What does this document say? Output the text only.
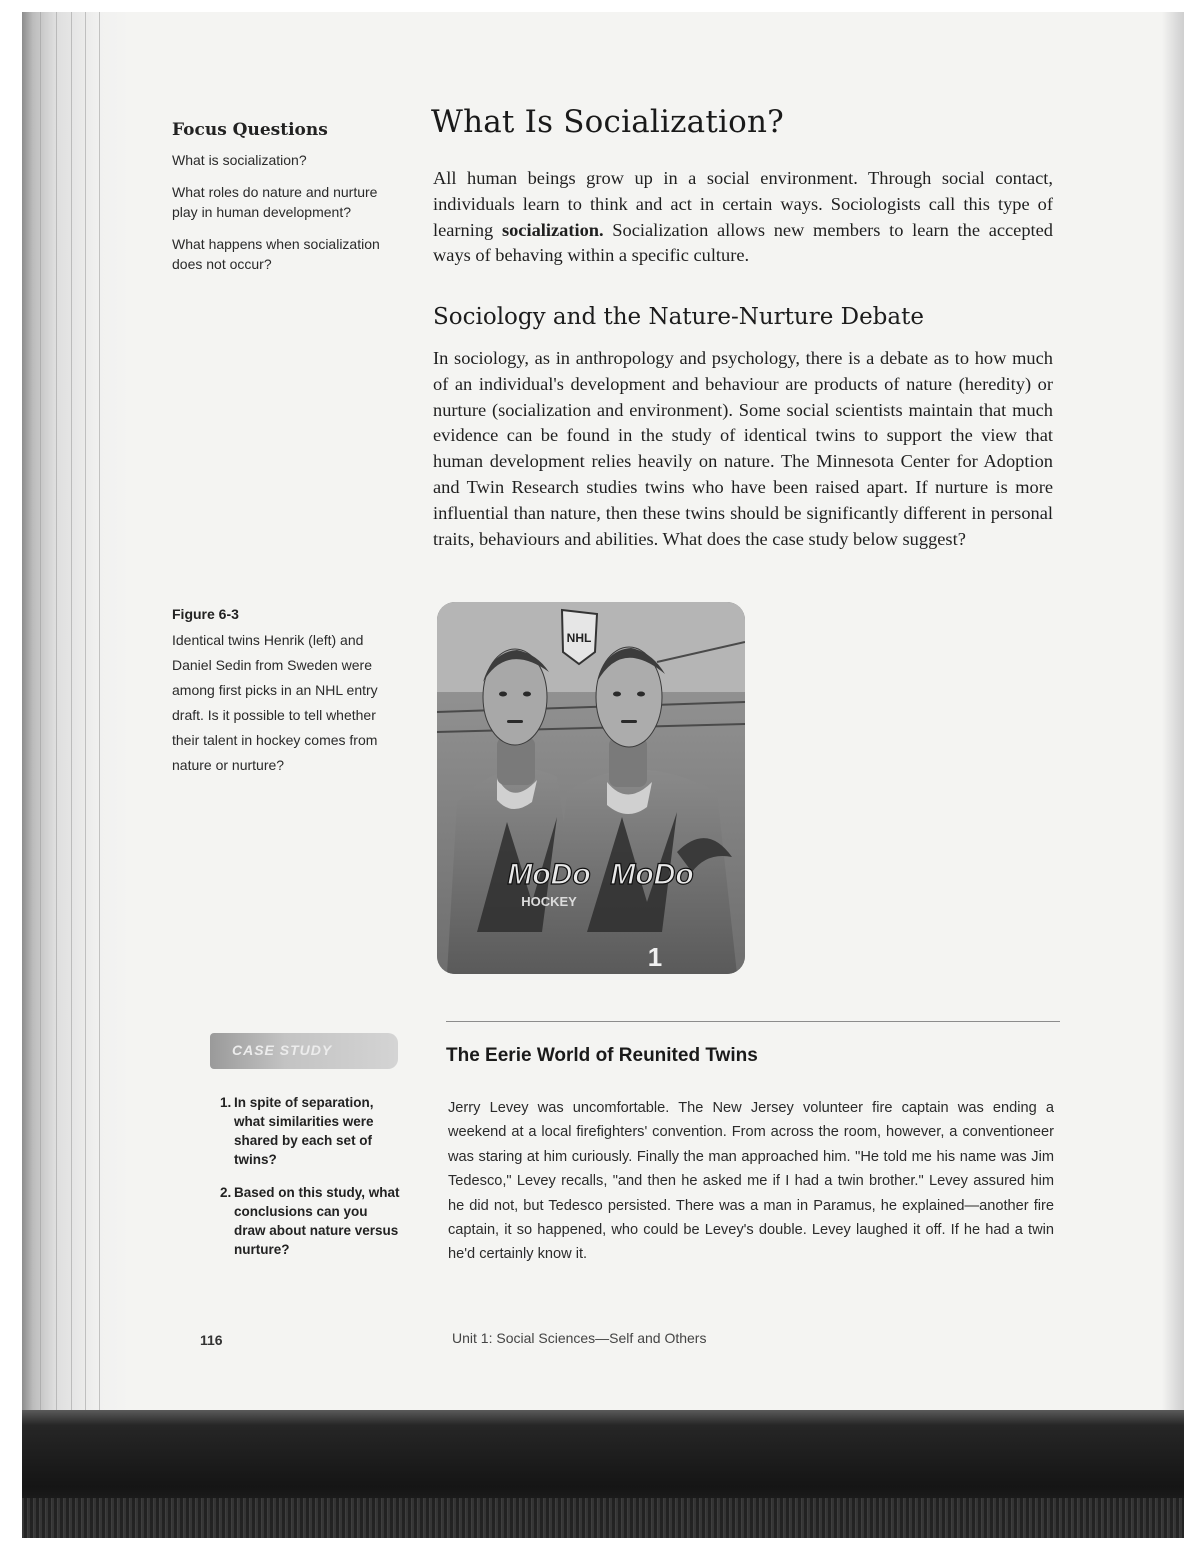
Focus Questions
What is socialization?
What roles do nature and nurture play in human development?
What happens when socialization does not occur?
Figure 6-3
Identical twins Henrik (left) and Daniel Sedin from Sweden were among first picks in an NHL entry draft. Is it possible to tell whether their talent in hockey comes from nature or nurture?
What Is Socialization?
All human beings grow up in a social environment. Through social contact, individuals learn to think and act in certain ways. Sociologists call this type of learning socialization. Socialization allows new members to learn the accepted ways of behaving within a specific culture.
Sociology and the Nature-Nurture Debate
In sociology, as in anthropology and psychology, there is a debate as to how much of an individual's development and behaviour are products of nature (heredity) or nurture (socialization and environment). Some social scientists maintain that much evidence can be found in the study of identical twins to support the view that human development relies heavily on nature. The Minnesota Center for Adoption and Twin Research studies twins who have been raised apart. If nurture is more influential than nature, then these twins should be significantly different in personal traits, behaviours and abilities. What does the case study below suggest?
NHL
MoDo MoDo
HOCKEY
1
CASE STUDY
1. In spite of separation, what similarities were shared by each set of twins?
2. Based on this study, what conclusions can you draw about nature versus nurture?
The Eerie World of Reunited Twins
Jerry Levey was uncomfortable. The New Jersey volunteer fire captain was ending a weekend at a local firefighters' convention. From across the room, however, a conventioneer was staring at him curiously. Finally the man approached him. "He told me his name was Jim Tedesco," Levey recalls, "and then he asked me if I had a twin brother." Levey assured him he did not, but Tedesco persisted. There was a man in Paramus, he explained—another fire captain, it so happened, who could be Levey's double. Levey laughed it off. If he had a twin he'd certainly know it.
116	Unit 1: Social Sciences—Self and Others
